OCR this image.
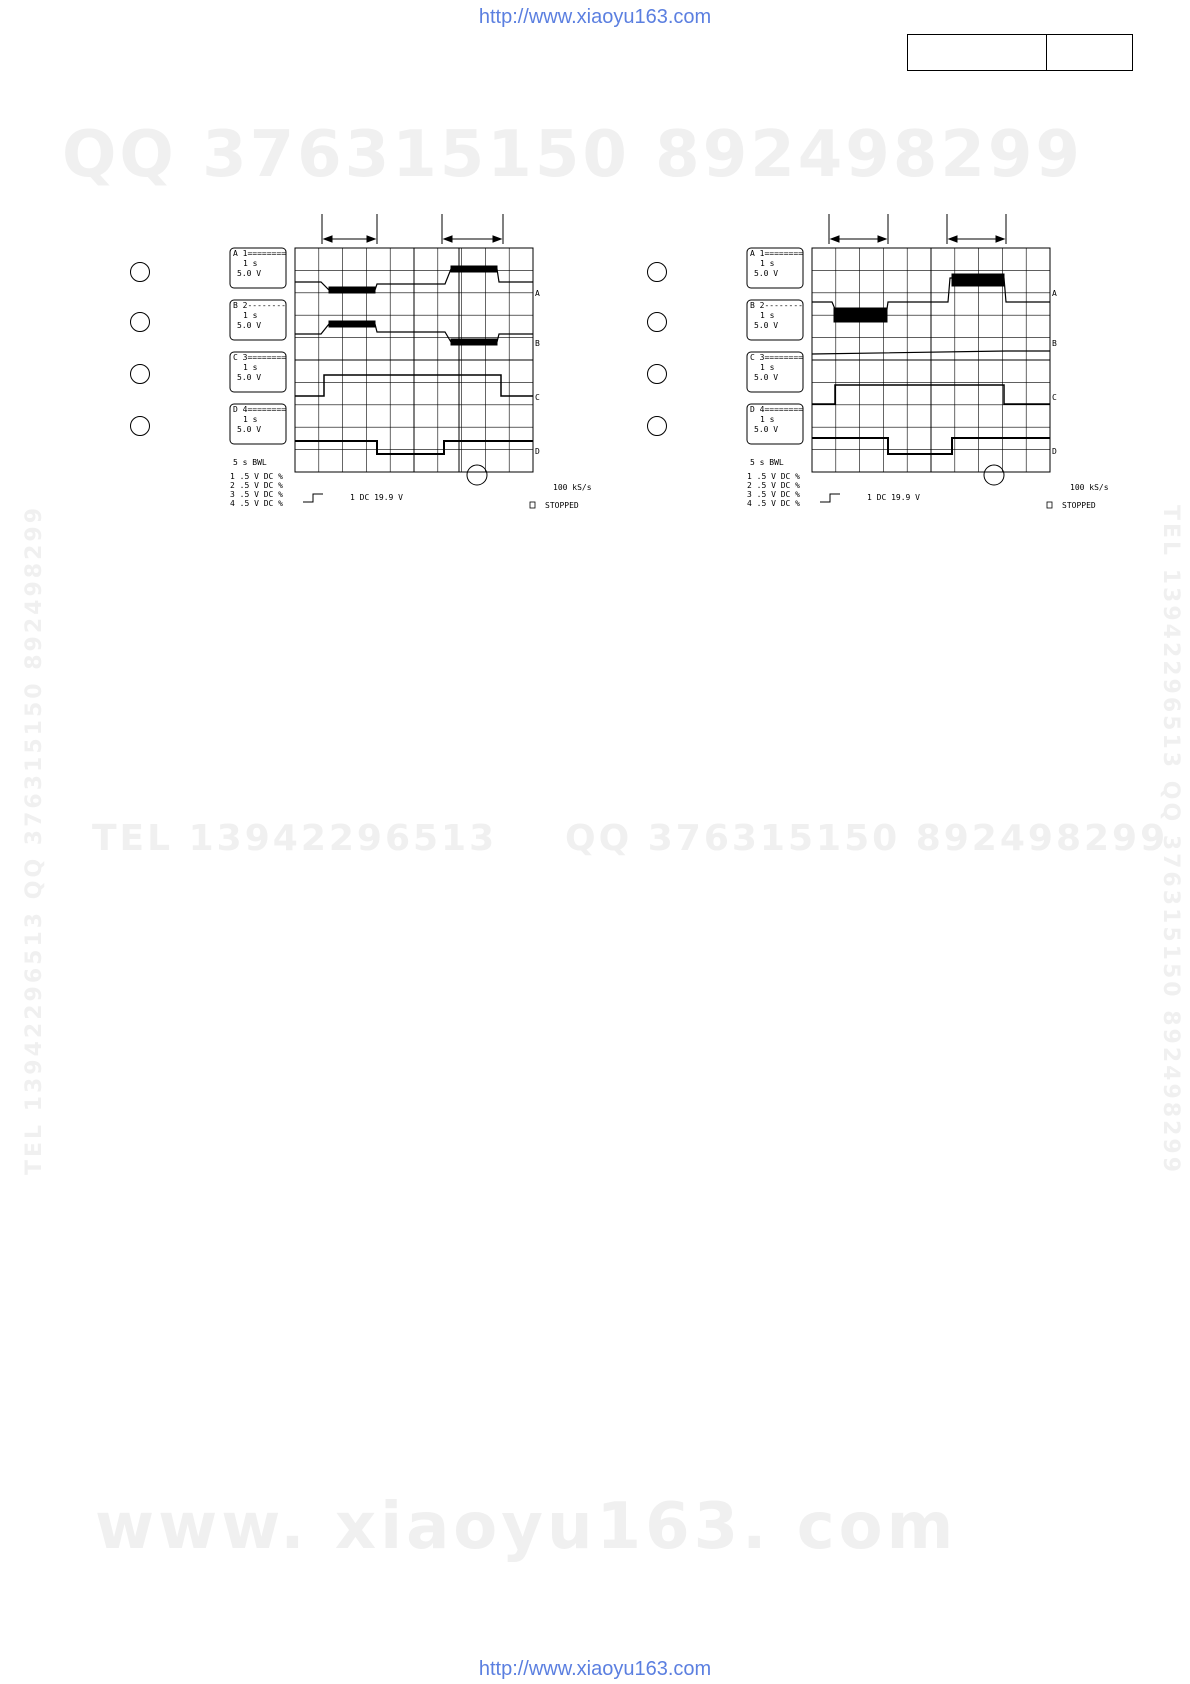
http://www.xiaoyu163.com
QQ 376315150 892498299
TEL 13942296513 QQ 376315150 892498299
www. xiaoyu163. com
TEL 13942296513 QQ 376315150 892498299
TEL 13942296513 QQ 376315150 892498299
A 1========
1 s
5.0 V
B 2--------
1 s
5.0 V
C 3========
1 s
5.0 V
D 4========
1 s
5.0 V
A
B
C
D
5 s BWL
1 .5 V DC %
2 .5 V DC %
3 .5 V DC %
4 .5 V DC %
1 DC 19.9 V
100 kS/s
STOPPED
A 1========
1 s
5.0 V
B 2--------
1 s
5.0 V
C 3========
1 s
5.0 V
D 4========
1 s
5.0 V
A
B
C
D
5 s BWL
1 .5 V DC %
2 .5 V DC %
3 .5 V DC %
4 .5 V DC %
1 DC 19.9 V
100 kS/s
STOPPED
http://www.xiaoyu163.com
